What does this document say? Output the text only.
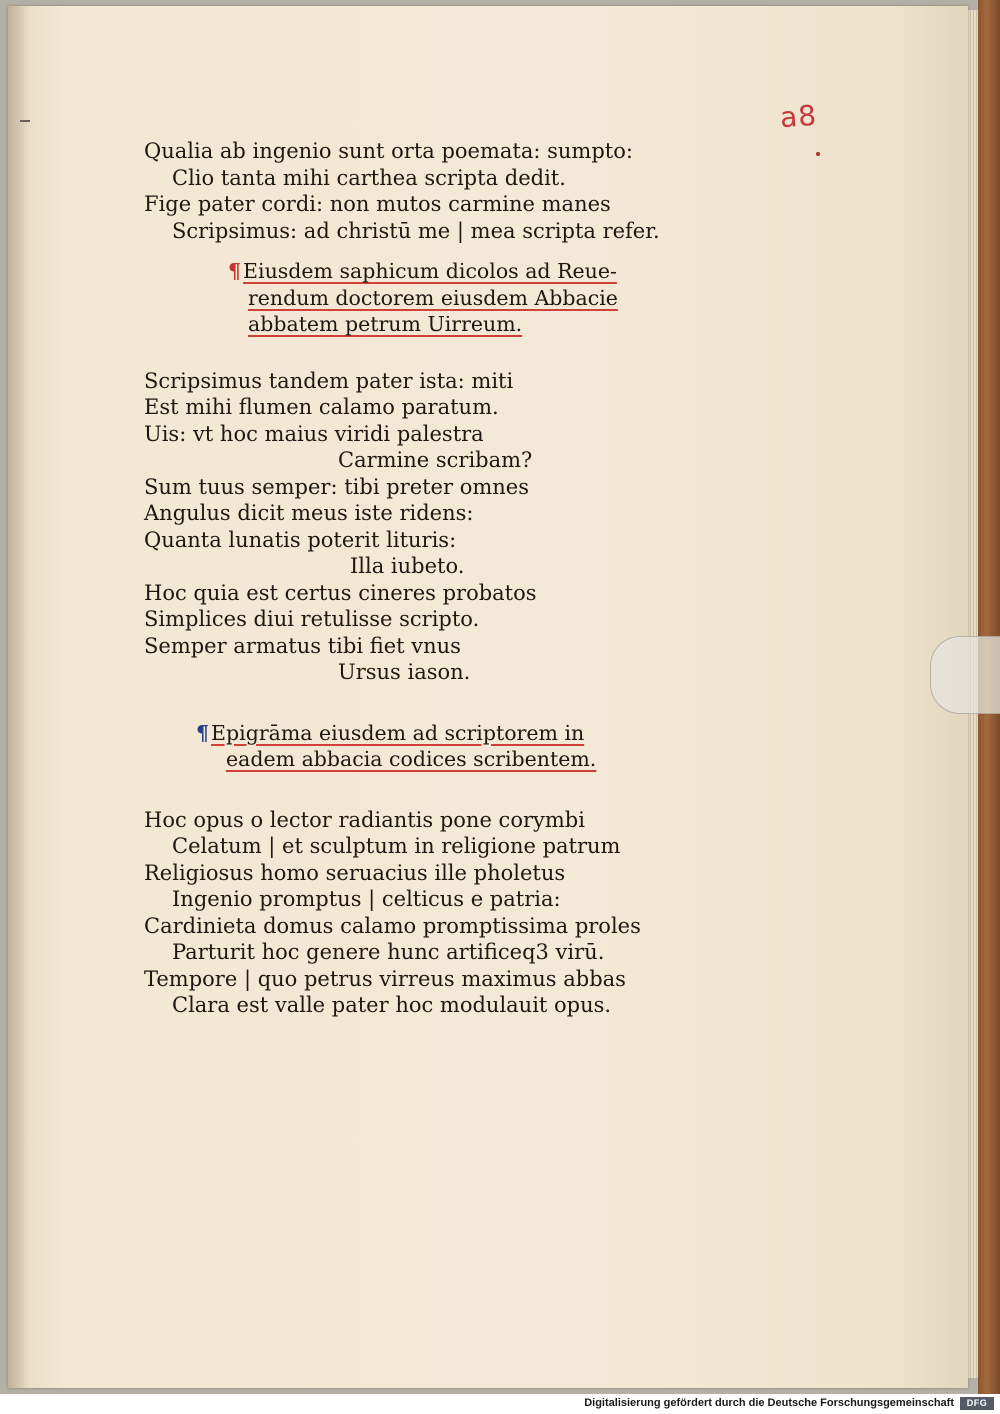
a8
Qualia ab ingenio sunt orta poemata: sumpto:
Clio tanta mihi carthea scripta dedit.
Fige pater cordi: non mutos carmine manes
Scripsimus: ad christū me | mea scripta refer.
¶Eiusdem saphicum dicolos ad Reue-
rendum doctorem eiusdem Abbacie
abbatem petrum Uirreum.
Scripsimus tandem pater ista: miti
Est mihi flumen calamo paratum.
Uis: vt hoc maius viridi palestra
Carmine scribam?
Sum tuus semper: tibi preter omnes
Angulus dicit meus iste ridens:
Quanta lunatis poterit lituris:
Illa iubeto.
Hoc quia est certus cineres probatos
Simplices diui retulisse scripto.
Semper armatus tibi fiet vnus
Ursus iason.
¶Epigrāma eiusdem ad scriptorem in
eadem abbacia codices scribentem.
Hoc opus o lector radiantis pone corymbi
Celatum | et sculptum in religione patrum
Religiosus homo seruacius ille pholetus
Ingenio promptus | celticus e patria:
Cardinieta domus calamo promptissima proles
Parturit hoc genere hunc artificeq3 virū.
Tempore | quo petrus virreus maximus abbas
Clara est valle pater hoc modulauit opus.
Digitalisierung gefördert durch die Deutsche Forschungsgemeinschaft	DFG
